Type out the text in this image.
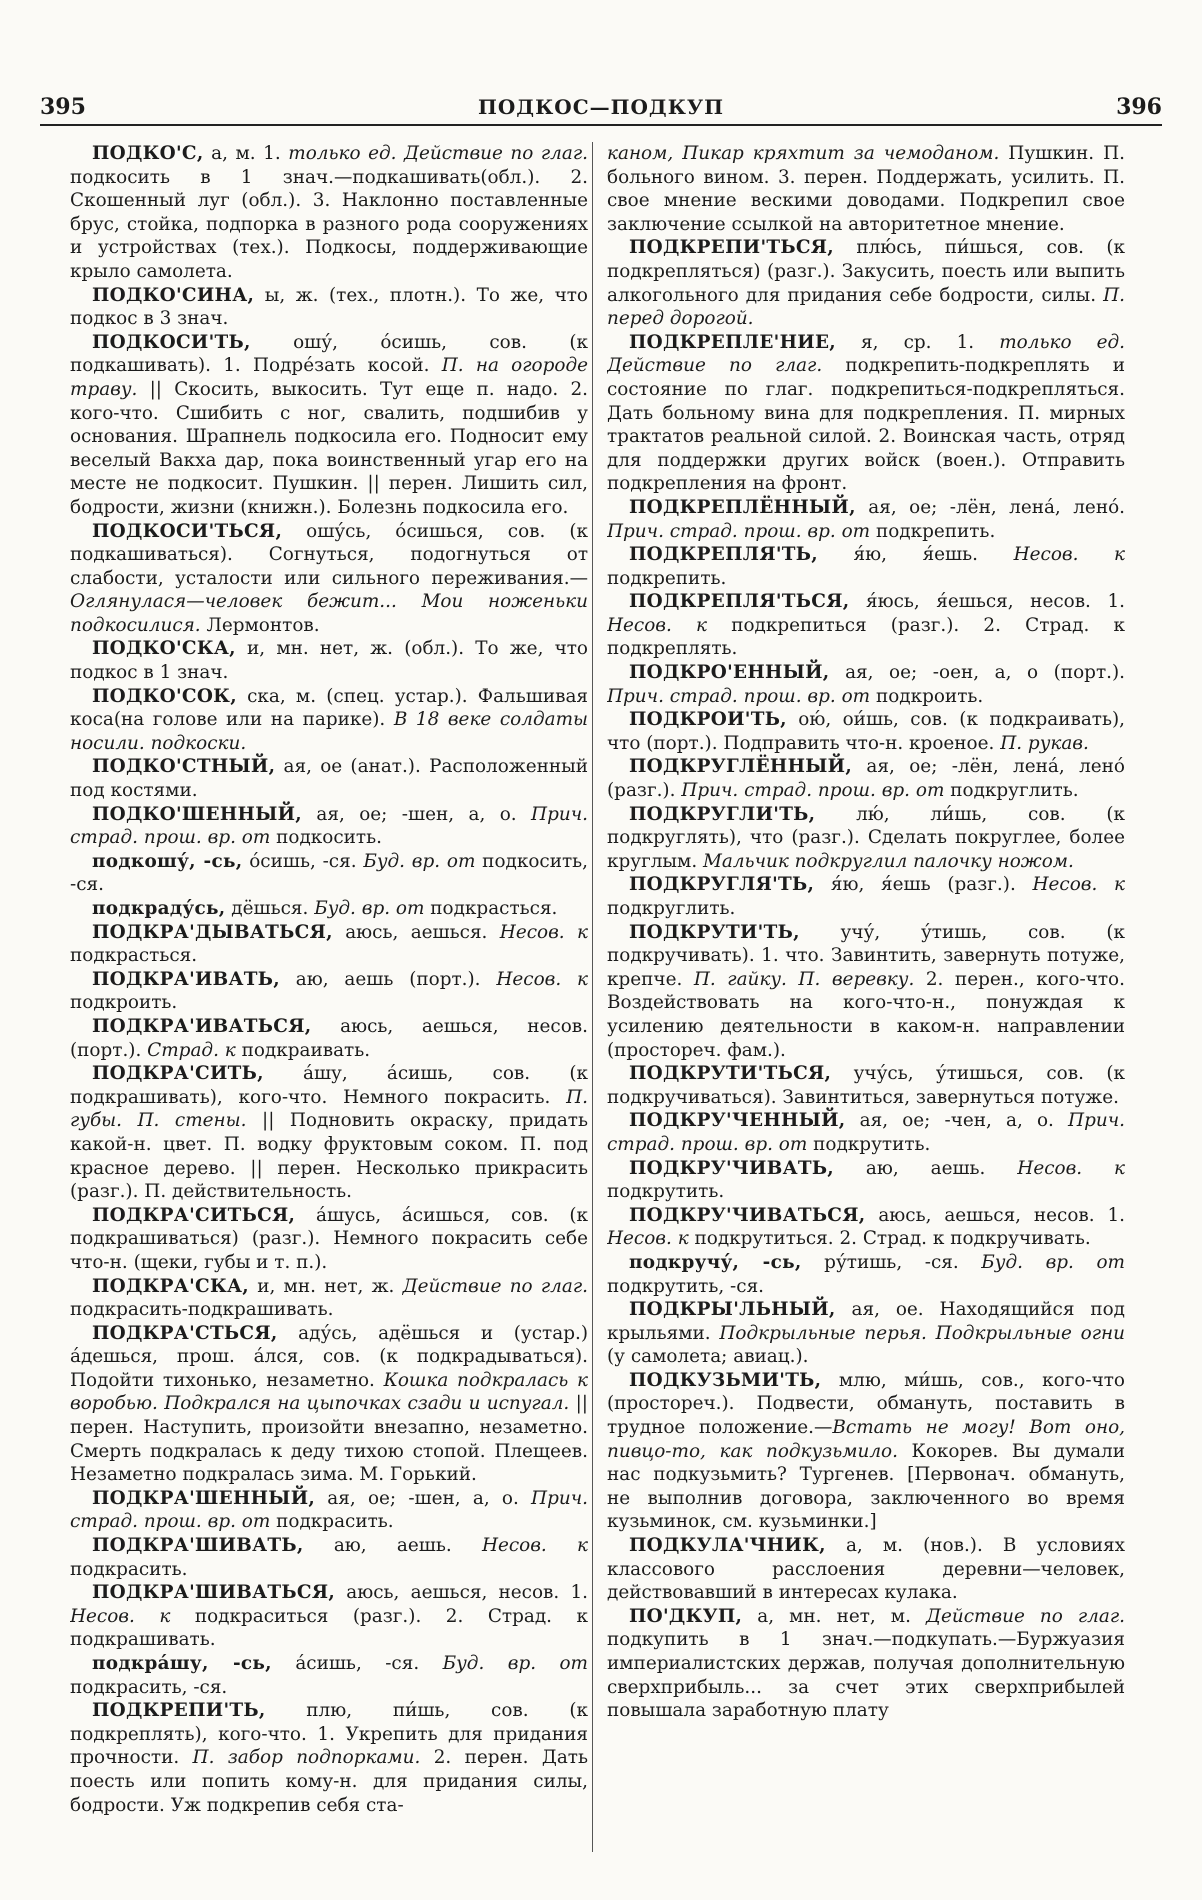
395	ПОДКОС—ПОДКУП	396

ПОДКО'С, а, м. 1. только ед. Действие по глаг. подкосить в 1 знач.—подкашивать(обл.). 2. Скошенный луг (обл.). 3. Наклонно поставленные брус, стойка, подпорка в разного рода сооружениях и устройствах (тех.). Подкосы, поддерживающие крыло самолета.

ПОДКО'СИНА, ы, ж. (тех., плотн.). То же, что подкос в 3 знач.

ПОДКОСИ'ТЬ, ошу́, о́сишь, сов. (к подкашивать). 1. Подре́зать косой. П. на огороде траву. || Скосить, выкосить. Тут еще п. надо. 2. кого-что. Сшибить с ног, свалить, подшибив у основания. Шрапнель подкосила его. Подносит ему веселый Вакха дар, пока воинственный угар его на месте не подкосит. Пушкин. || перен. Лишить сил, бодрости, жизни (книжн.). Болезнь подкосила его.

ПОДКОСИ'ТЬСЯ, ошу́сь, о́сишься, сов. (к подкашиваться). Согнуться, подогнуться от слабости, усталости или сильного переживания.—Оглянулася—человек бежит... Мои ноженьки подкосилися. Лермонтов.

ПОДКО'СКА, и, мн. нет, ж. (обл.). То же, что подкос в 1 знач.

ПОДКО'СОК, ска, м. (спец. устар.). Фальшивая коса(на голове или на парике). В 18 веке солдаты носили. подкоски.

ПОДКО'СТНЫЙ, ая, ое (анат.). Расположенный под костями.

ПОДКО'ШЕННЫЙ, ая, ое; -шен, а, о. Прич. страд. прош. вр. от подкосить.

подкошу́, -сь, о́сишь, -ся. Буд. вр. от подкосить, -ся.

подкраду́сь, дёшься. Буд. вр. от подкрасться.

ПОДКРА'ДЫВАТЬСЯ, аюсь, аешься. Несов. к подкрасться.

ПОДКРА'ИВАТЬ, аю, аешь (порт.). Несов. к подкроить.

ПОДКРА'ИВАТЬСЯ, аюсь, аешься, несов. (порт.). Страд. к подкраивать.

ПОДКРА'СИТЬ, а́шу, а́сишь, сов. (к подкрашивать), кого-что. Немного покрасить. П. губы. П. стены. || Подновить окраску, придать какой-н. цвет. П. водку фруктовым соком. П. под красное дерево. || перен. Несколько прикрасить (разг.). П. действительность.

ПОДКРА'СИТЬСЯ, а́шусь, а́сишься, сов. (к подкрашиваться) (разг.). Немного покрасить себе что-н. (щеки, губы и т. п.).

ПОДКРА'СКА, и, мн. нет, ж. Действие по глаг. подкрасить-подкрашивать.

ПОДКРА'СТЬСЯ, аду́сь, адёшься и (устар.) а́дешься, прош. а́лся, сов. (к подкрадываться). Подойти тихонько, незаметно. Кошка подкралась к воробью. Подкрался на цыпочках сзади и испугал. || перен. Наступить, произойти внезапно, незаметно. Смерть подкралась к деду тихою стопой. Плещеев. Незаметно подкралась зима. М. Горький.

ПОДКРА'ШЕННЫЙ, ая, ое; -шен, а, о. Прич. страд. прош. вр. от подкрасить.

ПОДКРА'ШИВАТЬ, аю, аешь. Несов. к подкрасить.

ПОДКРА'ШИВАТЬСЯ, аюсь, аешься, несов. 1. Несов. к подкраситься (разг.). 2. Страд. к подкрашивать.

подкра́шу, -сь, а́сишь, -ся. Буд. вр. от подкрасить, -ся.

ПОДКРЕПИ'ТЬ, плю, пи́шь, сов. (к подкреплять), кого-что. 1. Укрепить для придания прочности. П. забор подпорками. 2. перен. Дать поесть или попить кому-н. для придания силы, бодрости. Уж подкрепив себя ста-

каном, Пикар кряхтит за чемоданом. Пушкин. П. больного вином. 3. перен. Поддержать, усилить. П. свое мнение вескими доводами. Подкрепил свое заключение ссылкой на авторитетное мнение.

ПОДКРЕПИ'ТЬСЯ, плю́сь, пи́шься, сов. (к подкрепляться) (разг.). Закусить, поесть или выпить алкогольного для придания себе бодрости, силы. П. перед дорогой.

ПОДКРЕПЛЕ'НИЕ, я, ср. 1. только ед. Действие по глаг. подкрепить-подкреплять и состояние по глаг. подкрепиться-подкрепляться. Дать больному вина для подкрепления. П. мирных трактатов реальной силой. 2. Воинская часть, отряд для поддержки других войск (воен.). Отправить подкрепления на фронт.

ПОДКРЕПЛЁННЫЙ, ая, ое; -лён, лена́, лено́. Прич. страд. прош. вр. от подкрепить.

ПОДКРЕПЛЯ'ТЬ, я́ю, я́ешь. Несов. к подкрепить.

ПОДКРЕПЛЯ'ТЬСЯ, я́юсь, я́ешься, несов. 1. Несов. к подкрепиться (разг.). 2. Страд. к подкреплять.

ПОДКРО'ЕННЫЙ, ая, ое; -оен, а, о (порт.). Прич. страд. прош. вр. от подкроить.

ПОДКРОИ'ТЬ, ою́, ои́шь, сов. (к подкраивать), что (порт.). Подправить что-н. кроеное. П. рукав.

ПОДКРУГЛЁННЫЙ, ая, ое; -лён, лена́, лено́ (разг.). Прич. страд. прош. вр. от подкруглить.

ПОДКРУГЛИ'ТЬ, лю́, ли́шь, сов. (к подкруглять), что (разг.). Сделать покруглее, более круглым. Мальчик подкруглил палочку ножом.

ПОДКРУГЛЯ'ТЬ, я́ю, я́ешь (разг.). Несов. к подкруглить.

ПОДКРУТИ'ТЬ, учу́, у́тишь, сов. (к подкручивать). 1. что. Завинтить, завернуть потуже, крепче. П. гайку. П. веревку. 2. перен., кого-что. Воздействовать на кого-что-н., понуждая к усилению деятельности в каком-н. направлении (просторeч. фам.).

ПОДКРУТИ'ТЬСЯ, учу́сь, у́тишься, сов. (к подкручиваться). Завинтиться, завернуться потуже.

ПОДКРУ'ЧЕННЫЙ, ая, ое; -чен, а, о. Прич. страд. прош. вр. от подкрутить.

ПОДКРУ'ЧИВАТЬ, аю, аешь. Несов. к подкрутить.

ПОДКРУ'ЧИВАТЬСЯ, аюсь, аешься, несов. 1. Несов. к подкрутиться. 2. Страд. к подкручивать.

подкручу́, -сь, ру́тишь, -ся. Буд. вр. от подкрутить, -ся.

ПОДКРЫ'ЛЬНЫЙ, ая, ое. Находящийся под крыльями. Подкрыльные перья. Подкрыльные огни (у самолета; авиац.).

ПОДКУЗЬМИ'ТЬ, млю, ми́шь, сов., кого-что (простореч.). Подвести, обмануть, поставить в трудное положение.—Встать не могу! Вот оно, пивцо-то, как подкузьмило. Кокорев. Вы думали нас подкузьмить? Тургенев. [Первонач. обмануть, не выполнив договора, заключенного во время кузьминок, см. кузьминки.]

ПОДКУЛА'ЧНИК, а, м. (нов.). В условиях классового расслоения деревни—человек, действовавший в интересах кулака.

ПО'ДКУП, а, мн. нет, м. Действие по глаг. подкупить в 1 знач.—подкупать.—Буржуазия империалистских держав, получая дополнительную сверхприбыль... за счет этих сверхприбылей повышала заработную плату
